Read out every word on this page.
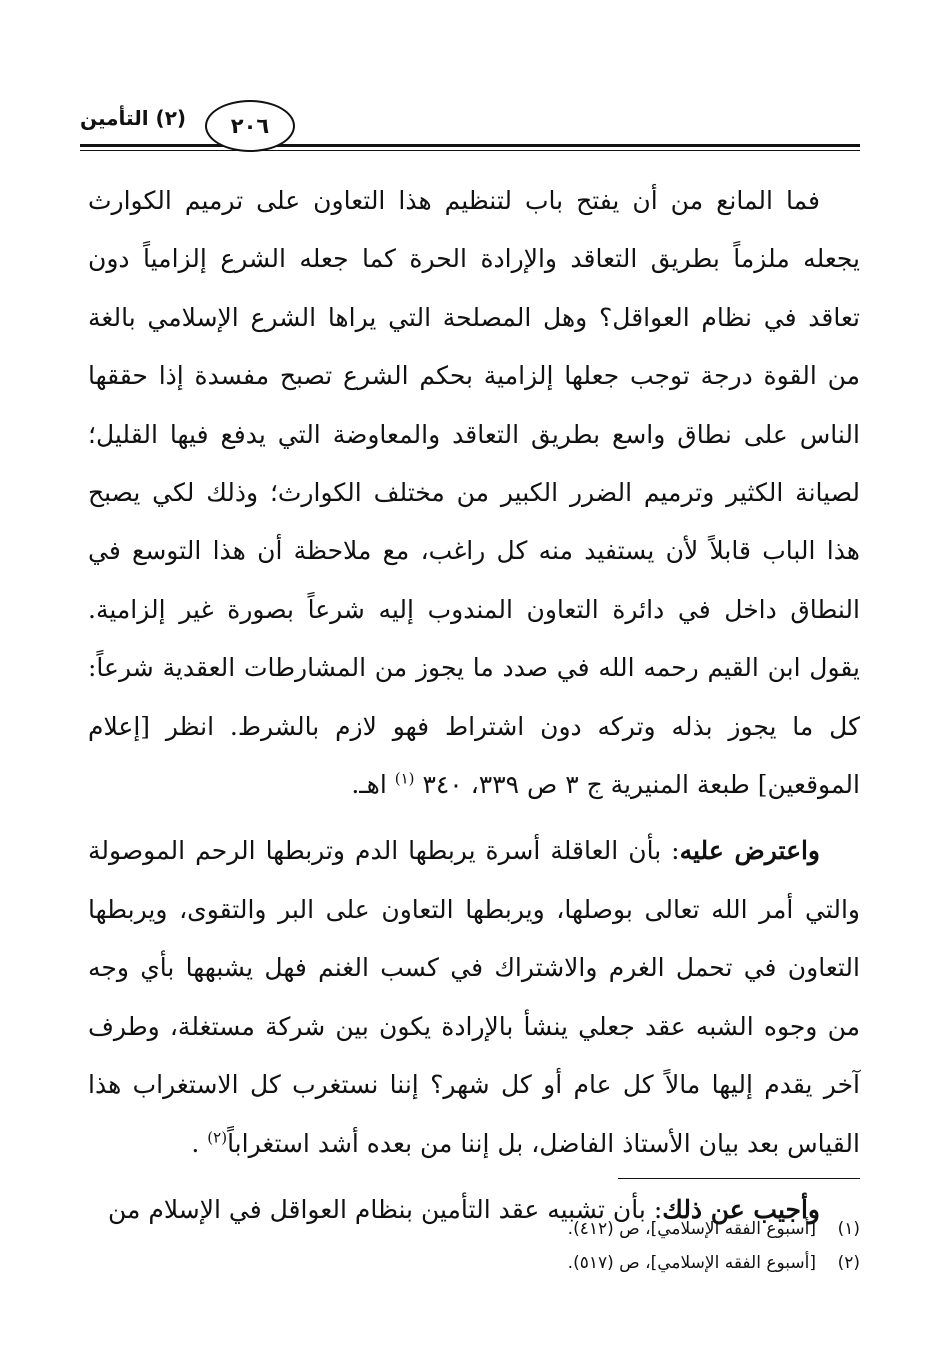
٢٠٦
(٢) التأمين

فما المانع من أن يفتح باب لتنظيم هذا التعاون على ترميم الكوارث يجعله ملزماً بطريق التعاقد والإرادة الحرة كما جعله الشرع إلزامياً دون تعاقد في نظام العواقل؟ وهل المصلحة التي يراها الشرع الإسلامي بالغة من القوة درجة توجب جعلها إلزامية بحكم الشرع تصبح مفسدة إذا حققها الناس على نطاق واسع بطريق التعاقد والمعاوضة التي يدفع فيها القليل؛ لصيانة الكثير وترميم الضرر الكبير من مختلف الكوارث؛ وذلك لكي يصبح هذا الباب قابلاً لأن يستفيد منه كل راغب، مع ملاحظة أن هذا التوسع في النطاق داخل في دائرة التعاون المندوب إليه شرعاً بصورة غير إلزامية. يقول ابن القيم رحمه الله في صدد ما يجوز من المشارطات العقدية شرعاً: كل ما يجوز بذله وتركه دون اشتراط فهو لازم بالشرط. انظر [إعلام الموقعين] طبعة المنيرية ج ٣ ص ٣٣٩، ٣٤٠ $^{(١)}$ اهـ.

واعترض عليه: بأن العاقلة أسرة يربطها الدم وتربطها الرحم الموصولة والتي أمر الله تعالى بوصلها، ويربطها التعاون على البر والتقوى، ويربطها التعاون في تحمل الغرم والاشتراك في كسب الغنم فهل يشبهها بأي وجه من وجوه الشبه عقد جعلي ينشأ بالإرادة يكون بين شركة مستغلة، وطرف آخر يقدم إليها مالاً كل عام أو كل شهر؟ إننا نستغرب كل الاستغراب هذا القياس بعد بيان الأستاذ الفاضل، بل إننا من بعده أشد استغراباً$^{(٢)}$ .

وأجيب عن ذلك: بأن تشبيه عقد التأمين بنظام العواقل في الإسلام من

(١)[أسبوع الفقه الإسلامي]، ص (٤١٢).

(٢)[أسبوع الفقه الإسلامي]، ص (٥١٧).
